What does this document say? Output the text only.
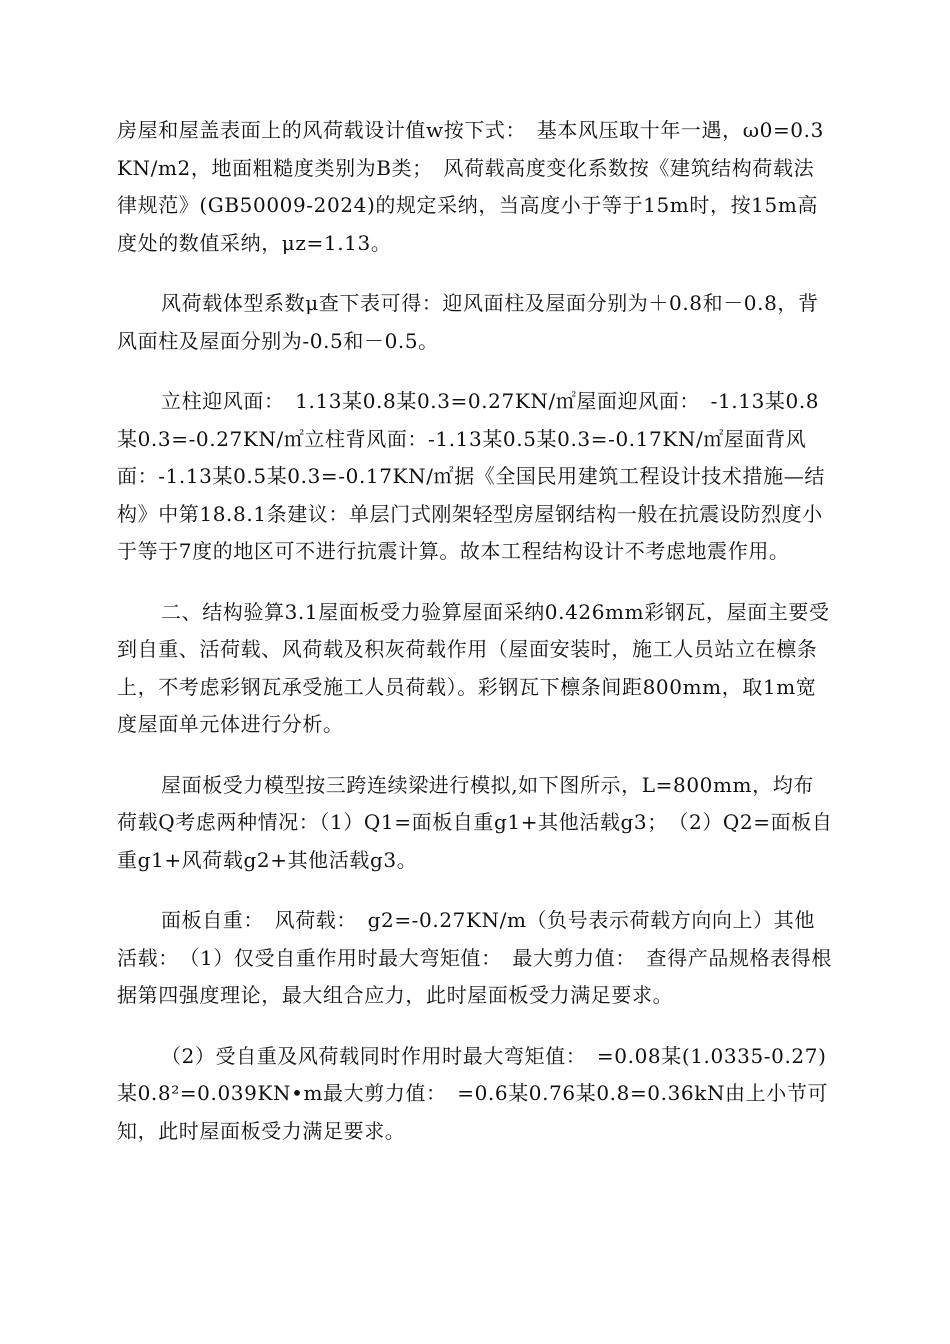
房屋和屋盖表面上的风荷载设计值w按下式：　基本风压取十年一遇，ω0=0.3KN/m2，地面粗糙度类别为B类；　风荷载高度变化系数按《建筑结构荷载法律规范》(GB50009-2024)的规定采纳，当高度小于等于15m时，按15m高度处的数值采纳，μz=1.13。

风荷载体型系数μ查下表可得：迎风面柱及屋面分别为＋0.8和－0.8，背风面柱及屋面分别为-0.5和－0.5。

立柱迎风面：　1.13某0.8某0.3=0.27KN/㎡屋面迎风面：　-1.13某0.8某0.3=-0.27KN/㎡立柱背风面：-1.13某0.5某0.3=-0.17KN/㎡屋面背风面：-1.13某0.5某0.3=-0.17KN/㎡据《全国民用建筑工程设计技术措施—结构》中第18.8.1条建议：单层门式刚架轻型房屋钢结构一般在抗震设防烈度小于等于7度的地区可不进行抗震计算。故本工程结构设计不考虑地震作用。

二、结构验算3.1屋面板受力验算屋面采纳0.426mm彩钢瓦，屋面主要受到自重、活荷载、风荷载及积灰荷载作用（屋面安装时，施工人员站立在檩条上，不考虑彩钢瓦承受施工人员荷载）。彩钢瓦下檩条间距800mm，取1m宽度屋面单元体进行分析。

屋面板受力模型按三跨连续梁进行模拟,如下图所示，L=800mm，均布荷载Q考虑两种情况：（1）Q1=面板自重g1+其他活载g3；　（2）Q2=面板自重g1+风荷载g2+其他活载g3。

面板自重：　风荷载：　g2=-0.27KN/m（负号表示荷载方向向上）其他活载：　（1）仅受自重作用时最大弯矩值：　最大剪力值：　查得产品规格表得根据第四强度理论，最大组合应力，此时屋面板受力满足要求。

（2）受自重及风荷载同时作用时最大弯矩值：　=0.08某(1.0335-0.27)某0.8²=0.039KN•m最大剪力值：　=0.6某0.76某0.8=0.36kN由上小节可知，此时屋面板受力满足要求。
